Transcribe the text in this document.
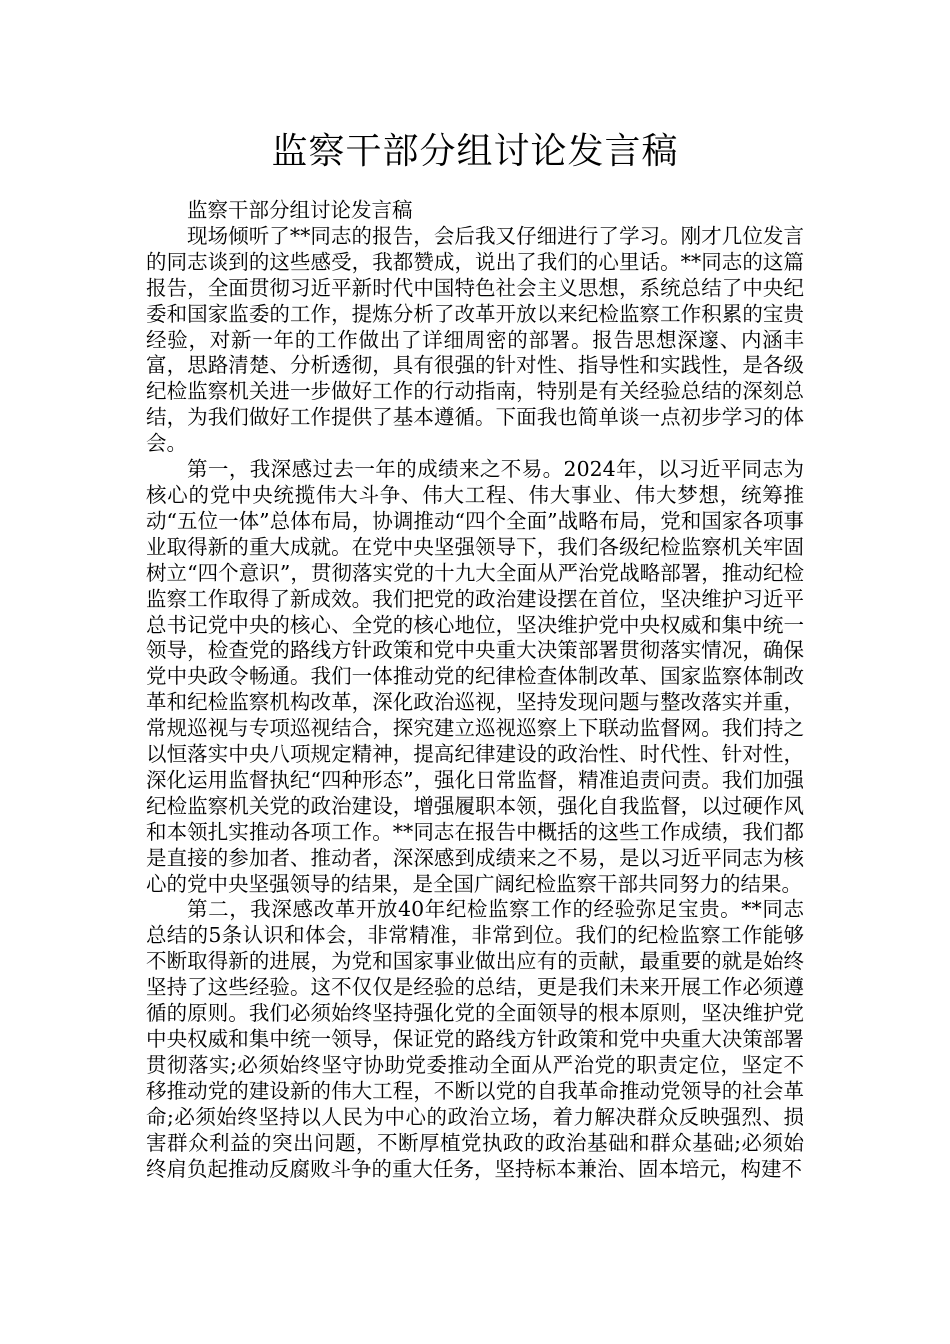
监察干部分组讨论发言稿

监察干部分组讨论发言稿

现场倾听了**同志的报告，会后我又仔细进行了学习。刚才几位发言的同志谈到的这些感受，我都赞成，说出了我们的心里话。**同志的这篇报告，全面贯彻习近平新时代中国特色社会主义思想，系统总结了中央纪委和国家监委的工作，提炼分析了改革开放以来纪检监察工作积累的宝贵经验，对新一年的工作做出了详细周密的部署。报告思想深邃、内涵丰富，思路清楚、分析透彻，具有很强的针对性、指导性和实践性，是各级纪检监察机关进一步做好工作的行动指南，特别是有关经验总结的深刻总结，为我们做好工作提供了基本遵循。下面我也简单谈一点初步学习的体会。

第一，我深感过去一年的成绩来之不易。2024年，以习近平同志为核心的党中央统揽伟大斗争、伟大工程、伟大事业、伟大梦想，统筹推动“五位一体”总体布局，协调推动“四个全面”战略布局，党和国家各项事业取得新的重大成就。在党中央坚强领导下，我们各级纪检监察机关牢固树立“四个意识”，贯彻落实党的十九大全面从严治党战略部署，推动纪检监察工作取得了新成效。我们把党的政治建设摆在首位，坚决维护习近平总书记党中央的核心、全党的核心地位，坚决维护党中央权威和集中统一领导，检查党的路线方针政策和党中央重大决策部署贯彻落实情况，确保党中央政令畅通。我们一体推动党的纪律检查体制改革、国家监察体制改革和纪检监察机构改革，深化政治巡视，坚持发现问题与整改落实并重，常规巡视与专项巡视结合，探究建立巡视巡察上下联动监督网。我们持之以恒落实中央八项规定精神，提高纪律建设的政治性、时代性、针对性，深化运用监督执纪“四种形态”，强化日常监督，精准追责问责。我们加强纪检监察机关党的政治建设，增强履职本领，强化自我监督，以过硬作风和本领扎实推动各项工作。**同志在报告中概括的这些工作成绩，我们都是直接的参加者、推动者，深深感到成绩来之不易，是以习近平同志为核心的党中央坚强领导的结果，是全国广阔纪检监察干部共同努力的结果。

第二，我深感改革开放40年纪检监察工作的经验弥足宝贵。**同志总结的5条认识和体会，非常精准，非常到位。我们的纪检监察工作能够不断取得新的进展，为党和国家事业做出应有的贡献，最重要的就是始终坚持了这些经验。这不仅仅是经验的总结，更是我们未来开展工作必须遵循的原则。我们必须始终坚持强化党的全面领导的根本原则，坚决维护党中央权威和集中统一领导，保证党的路线方针政策和党中央重大决策部署贯彻落实;必须始终坚守协助党委推动全面从严治党的职责定位，坚定不移推动党的建设新的伟大工程，不断以党的自我革命推动党领导的社会革命;必须始终坚持以人民为中心的政治立场，着力解决群众反映强烈、损害群众利益的突出问题，不断厚植党执政的政治基础和群众基础;必须始终肩负起推动反腐败斗争的重大任务，坚持标本兼治、固本培元，构建不
